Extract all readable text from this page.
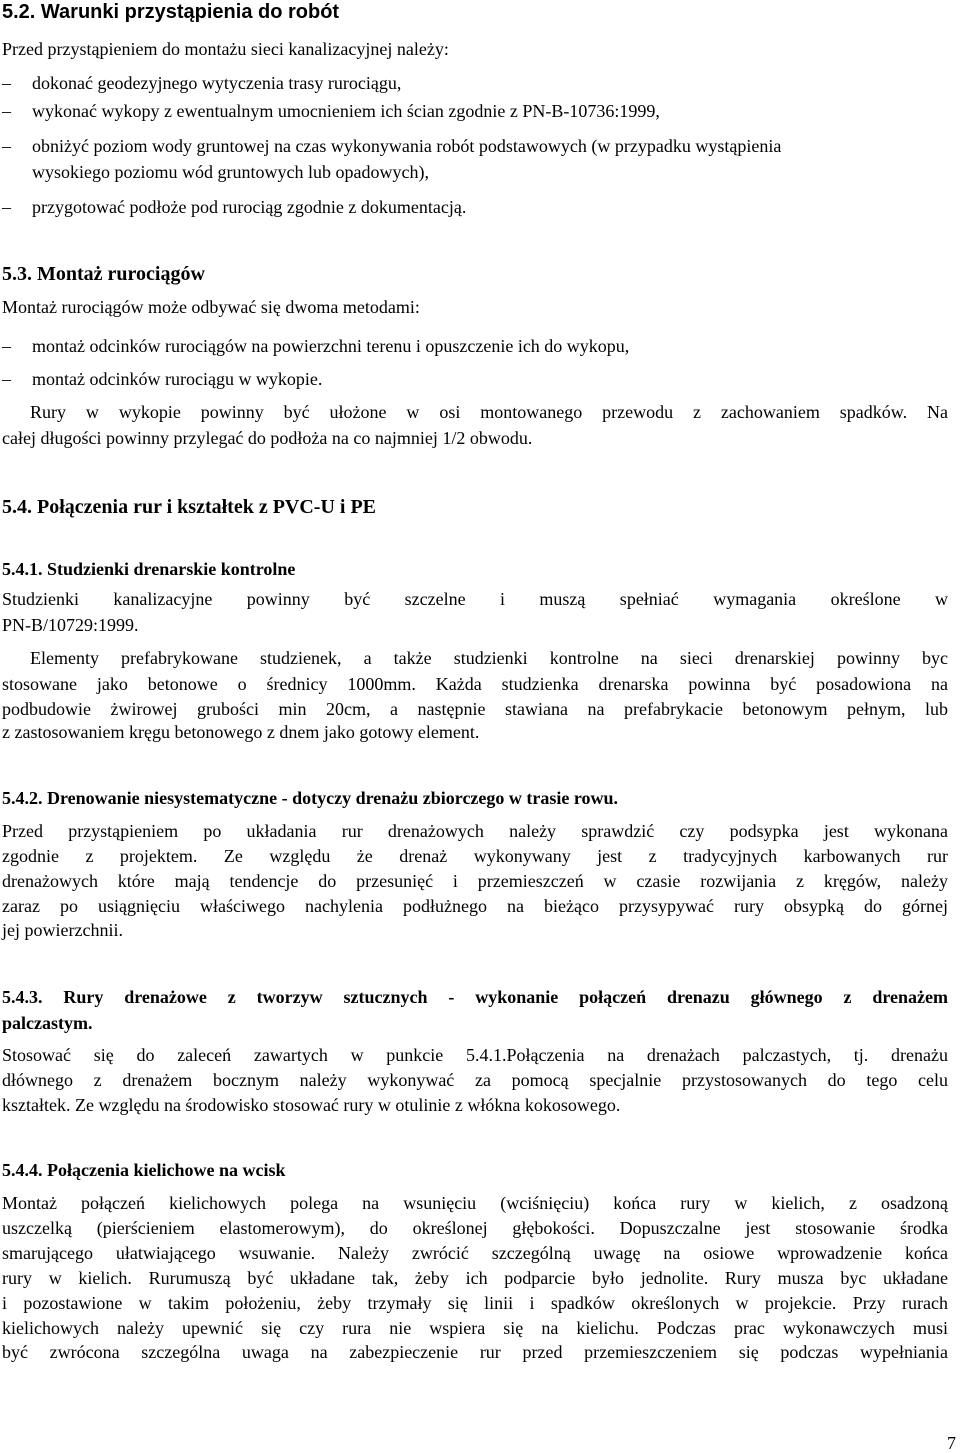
5.2. Warunki przystąpienia do robót
Przed przystąpieniem do montażu sieci kanalizacyjnej należy:
–	dokonać geodezyjnego wytyczenia trasy rurociągu,
–	wykonać wykopy z ewentualnym umocnieniem ich ścian zgodnie z PN-B-10736:1999,
–	obniżyć poziom wody gruntowej na czas wykonywania robót podstawowych (w przypadku wystąpienia
wysokiego poziomu wód gruntowych lub opadowych),
–	przygotować podłoże pod rurociąg zgodnie z dokumentacją.
5.3. Montaż rurociągów
Montaż rurociągów może odbywać się dwoma metodami:
–	montaż odcinków rurociągów na powierzchni terenu i opuszczenie ich do wykopu,
–	montaż odcinków rurociągu w wykopie.
Rury w wykopie powinny być ułożone w osi montowanego przewodu z zachowaniem spadków. Na
całej długości powinny przylegać do podłoża na co najmniej 1/2 obwodu.
5.4. Połączenia rur i kształtek z PVC-U i PE
5.4.1. Studzienki drenarskie kontrolne
Studzienki kanalizacyjne powinny być szczelne i muszą spełniać wymagania określone w
PN-B/10729:1999.
Elementy prefabrykowane studzienek, a także studzienki kontrolne na sieci drenarskiej powinny byc
stosowane jako betonowe o średnicy 1000mm. Każda studzienka drenarska powinna być posadowiona na
podbudowie żwirowej grubości min 20cm, a następnie stawiana na prefabrykacie betonowym pełnym, lub
z zastosowaniem kręgu betonowego z dnem jako gotowy element.
5.4.2. Drenowanie niesystematyczne - dotyczy drenażu zbiorczego w trasie rowu.
Przed przystąpieniem po układania rur drenażowych należy sprawdzić czy podsypka jest wykonana
zgodnie z projektem. Ze względu że drenaż wykonywany jest z tradycyjnych karbowanych rur
drenażowych które mają tendencje do przesunięć i przemieszczeń w czasie rozwijania z kręgów, należy
zaraz po usiągnięciu właściwego nachylenia podłużnego na bieżąco przysypywać rury obsypką do górnej
jej powierzchnii.
5.4.3. Rury drenażowe z tworzyw sztucznych - wykonanie połączeń drenazu głównego z drenażem
palczastym.
Stosować się do zaleceń zawartych w punkcie 5.4.1.Połączenia na drenażach palczastych, tj. drenażu
dłównego z drenażem bocznym należy wykonywać za pomocą specjalnie przystosowanych do tego celu
kształtek. Ze względu na środowisko stosować rury w otulinie z włókna kokosowego.
5.4.4. Połączenia kielichowe na wcisk
Montaż połączeń kielichowych polega na wsunięciu (wciśnięciu) końca rury w kielich, z osadzoną
uszczelką (pierścieniem elastomerowym), do określonej głębokości. Dopuszczalne jest stosowanie środka
smarującego ułatwiającego wsuwanie. Należy zwrócić szczególną uwagę na osiowe wprowadzenie końca
rury w kielich. Rurumuszą być układane tak, żeby ich podparcie było jednolite. Rury musza byc układane
i pozostawione w takim położeniu, żeby trzymały się linii i spadków określonych w projekcie. Przy rurach
kielichowych należy upewnić się czy rura nie wspiera się na kielichu. Podczas prac wykonawczych musi
być zwrócona szczególna uwaga na zabezpieczenie rur przed przemieszczeniem się podczas wypełniania
7
